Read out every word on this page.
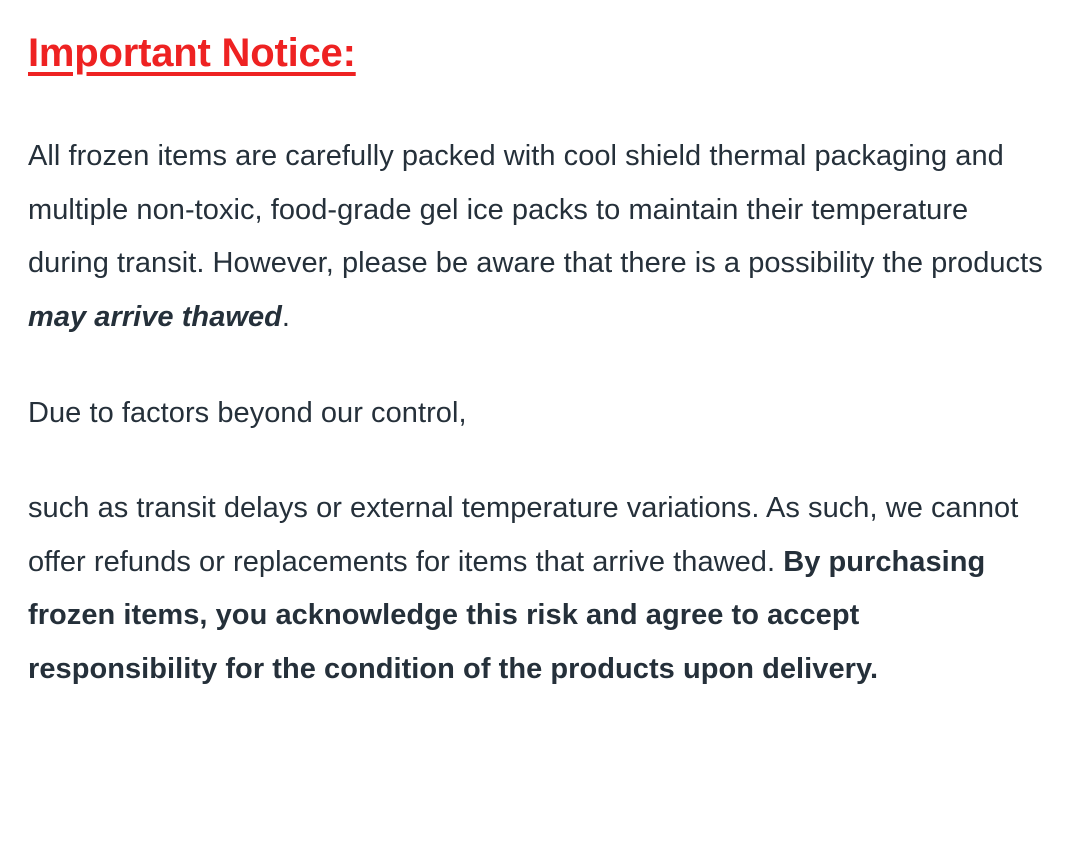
Important Notice:

All frozen items are carefully packed with cool shield thermal packaging and multiple non-toxic, food-grade gel ice packs to maintain their temperature during transit. However, please be aware that there is a possibility the products may arrive thawed.

Due to factors beyond our control,

such as transit delays or external temperature variations. As such, we cannot offer refunds or replacements for items that arrive thawed. By purchasing frozen items, you acknowledge this risk and agree to accept responsibility for the condition of the products upon delivery.
